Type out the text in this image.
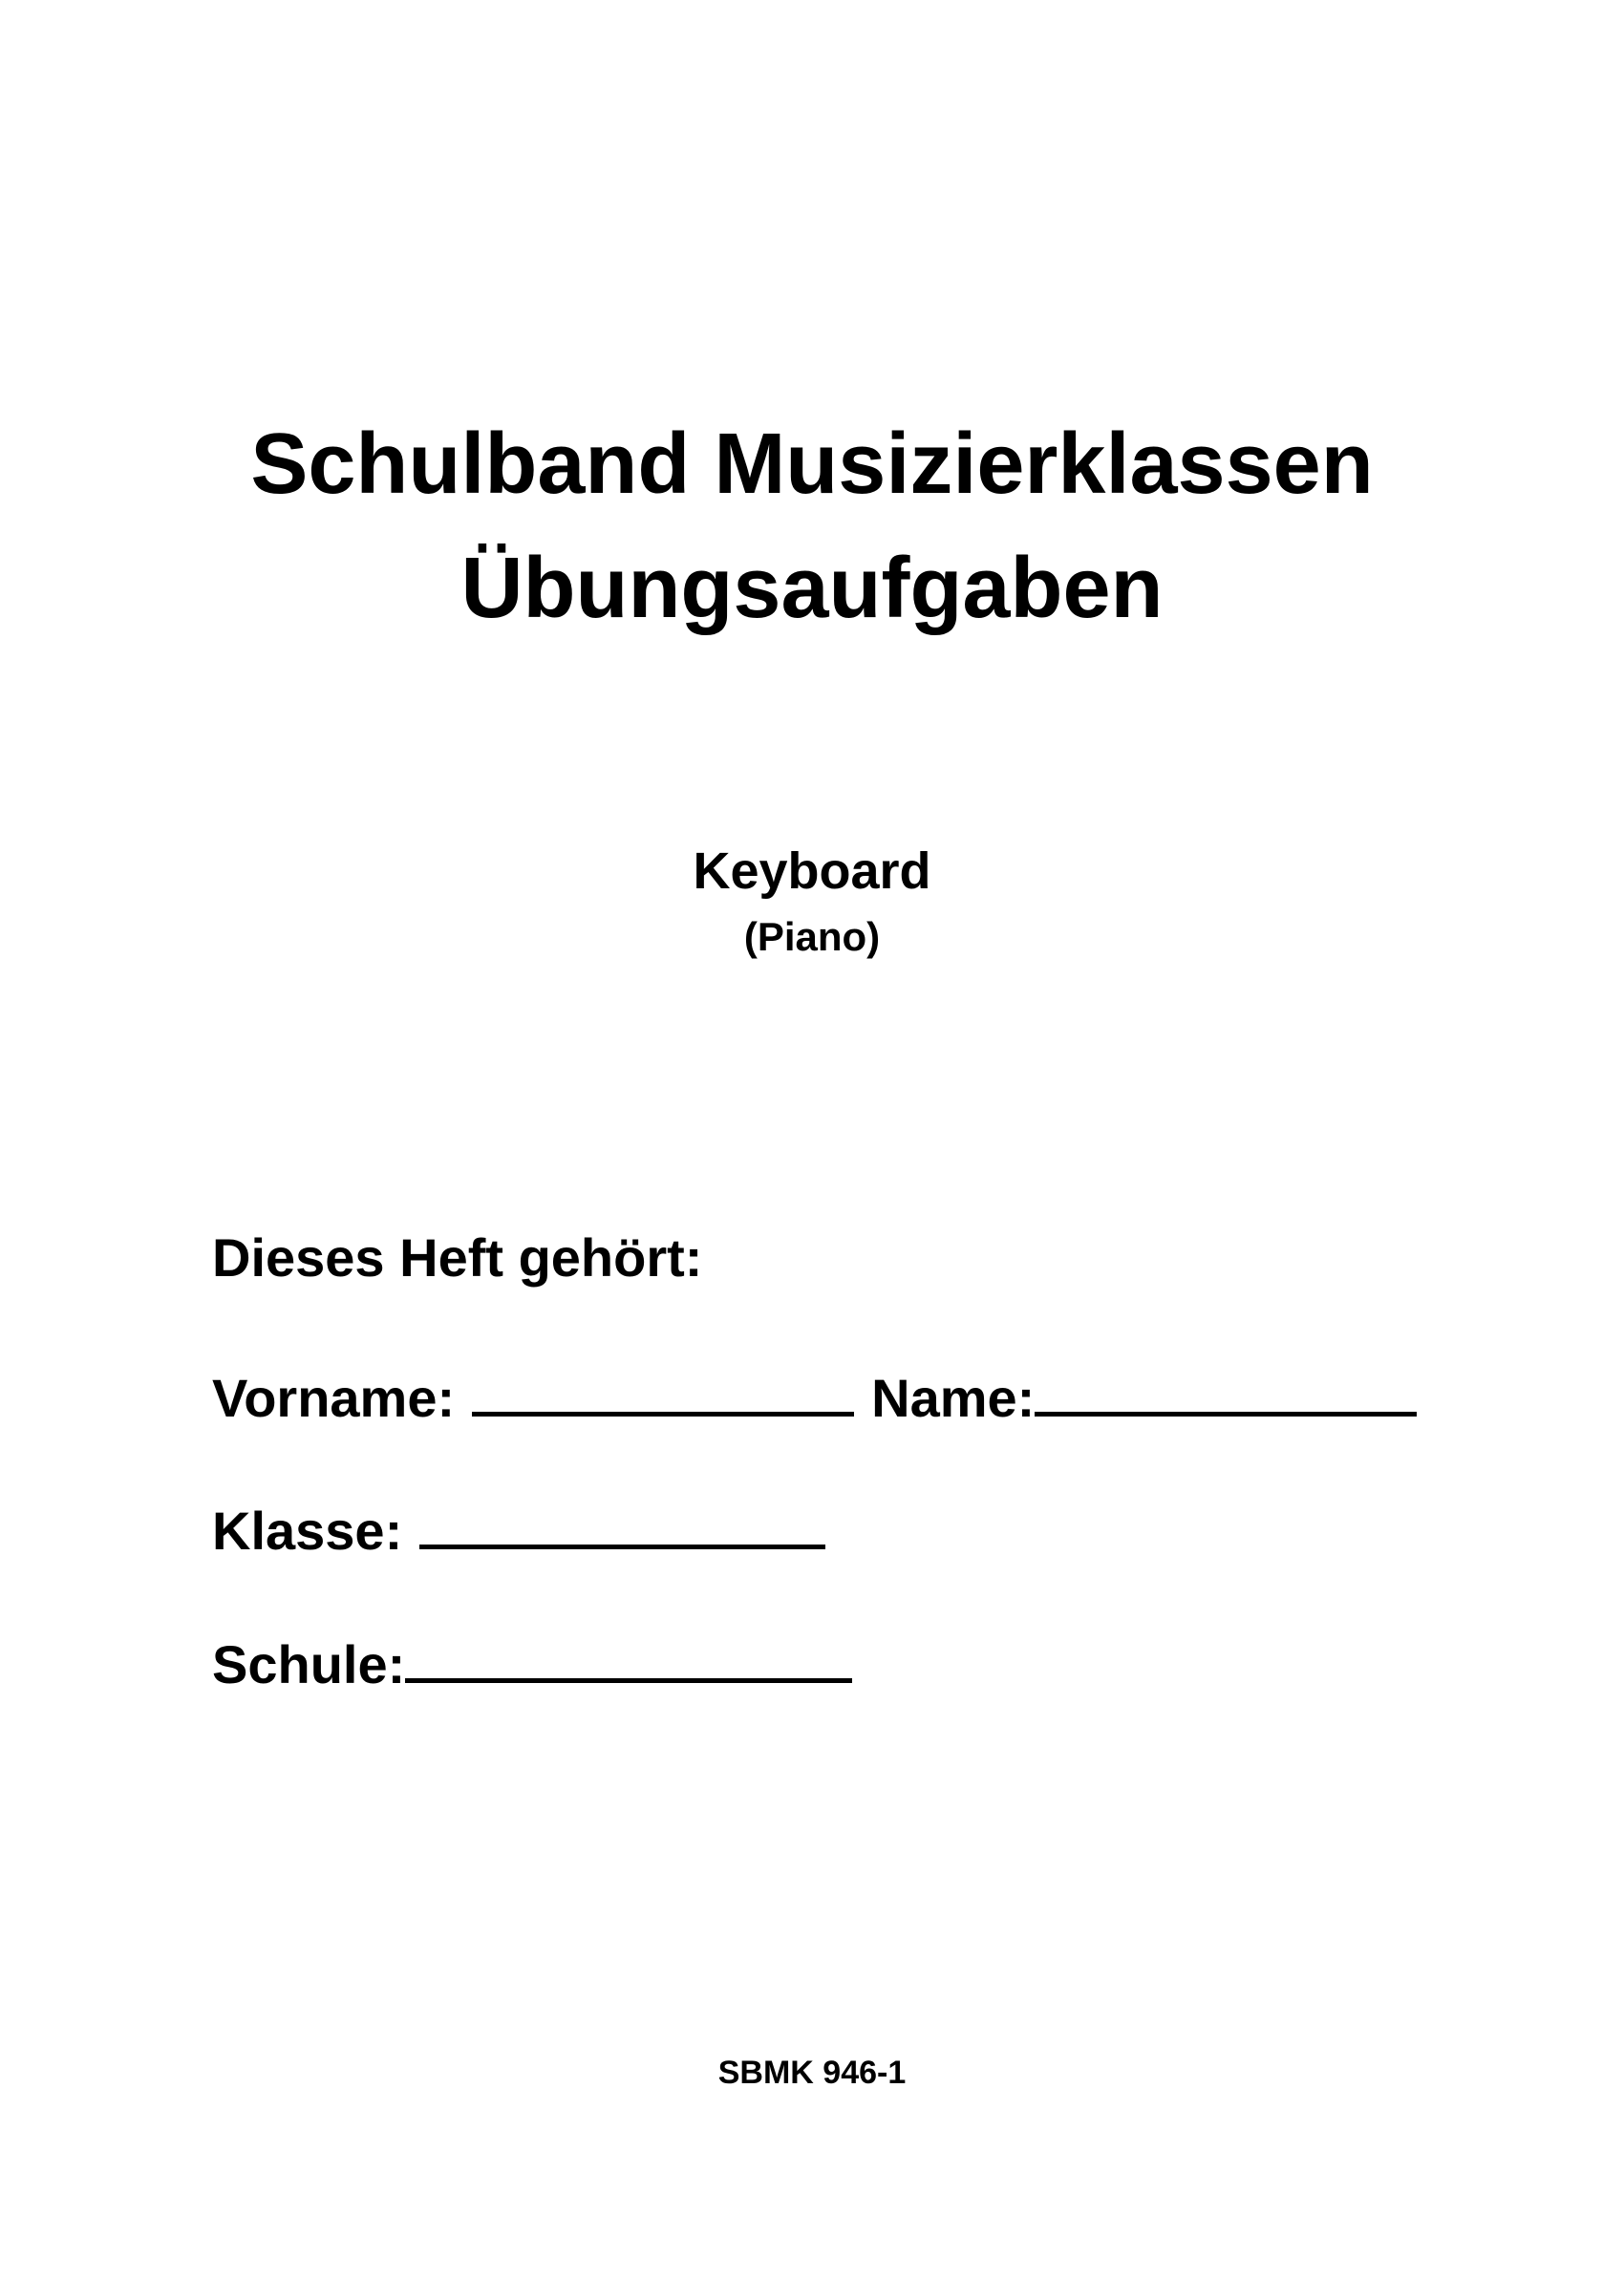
Schulband Musizierklassen
Übungsaufgaben
Keyboard
(Piano)
Dieses Heft gehört:
Vorname:	Name:
Klasse:
Schule:
SBMK 946-1
